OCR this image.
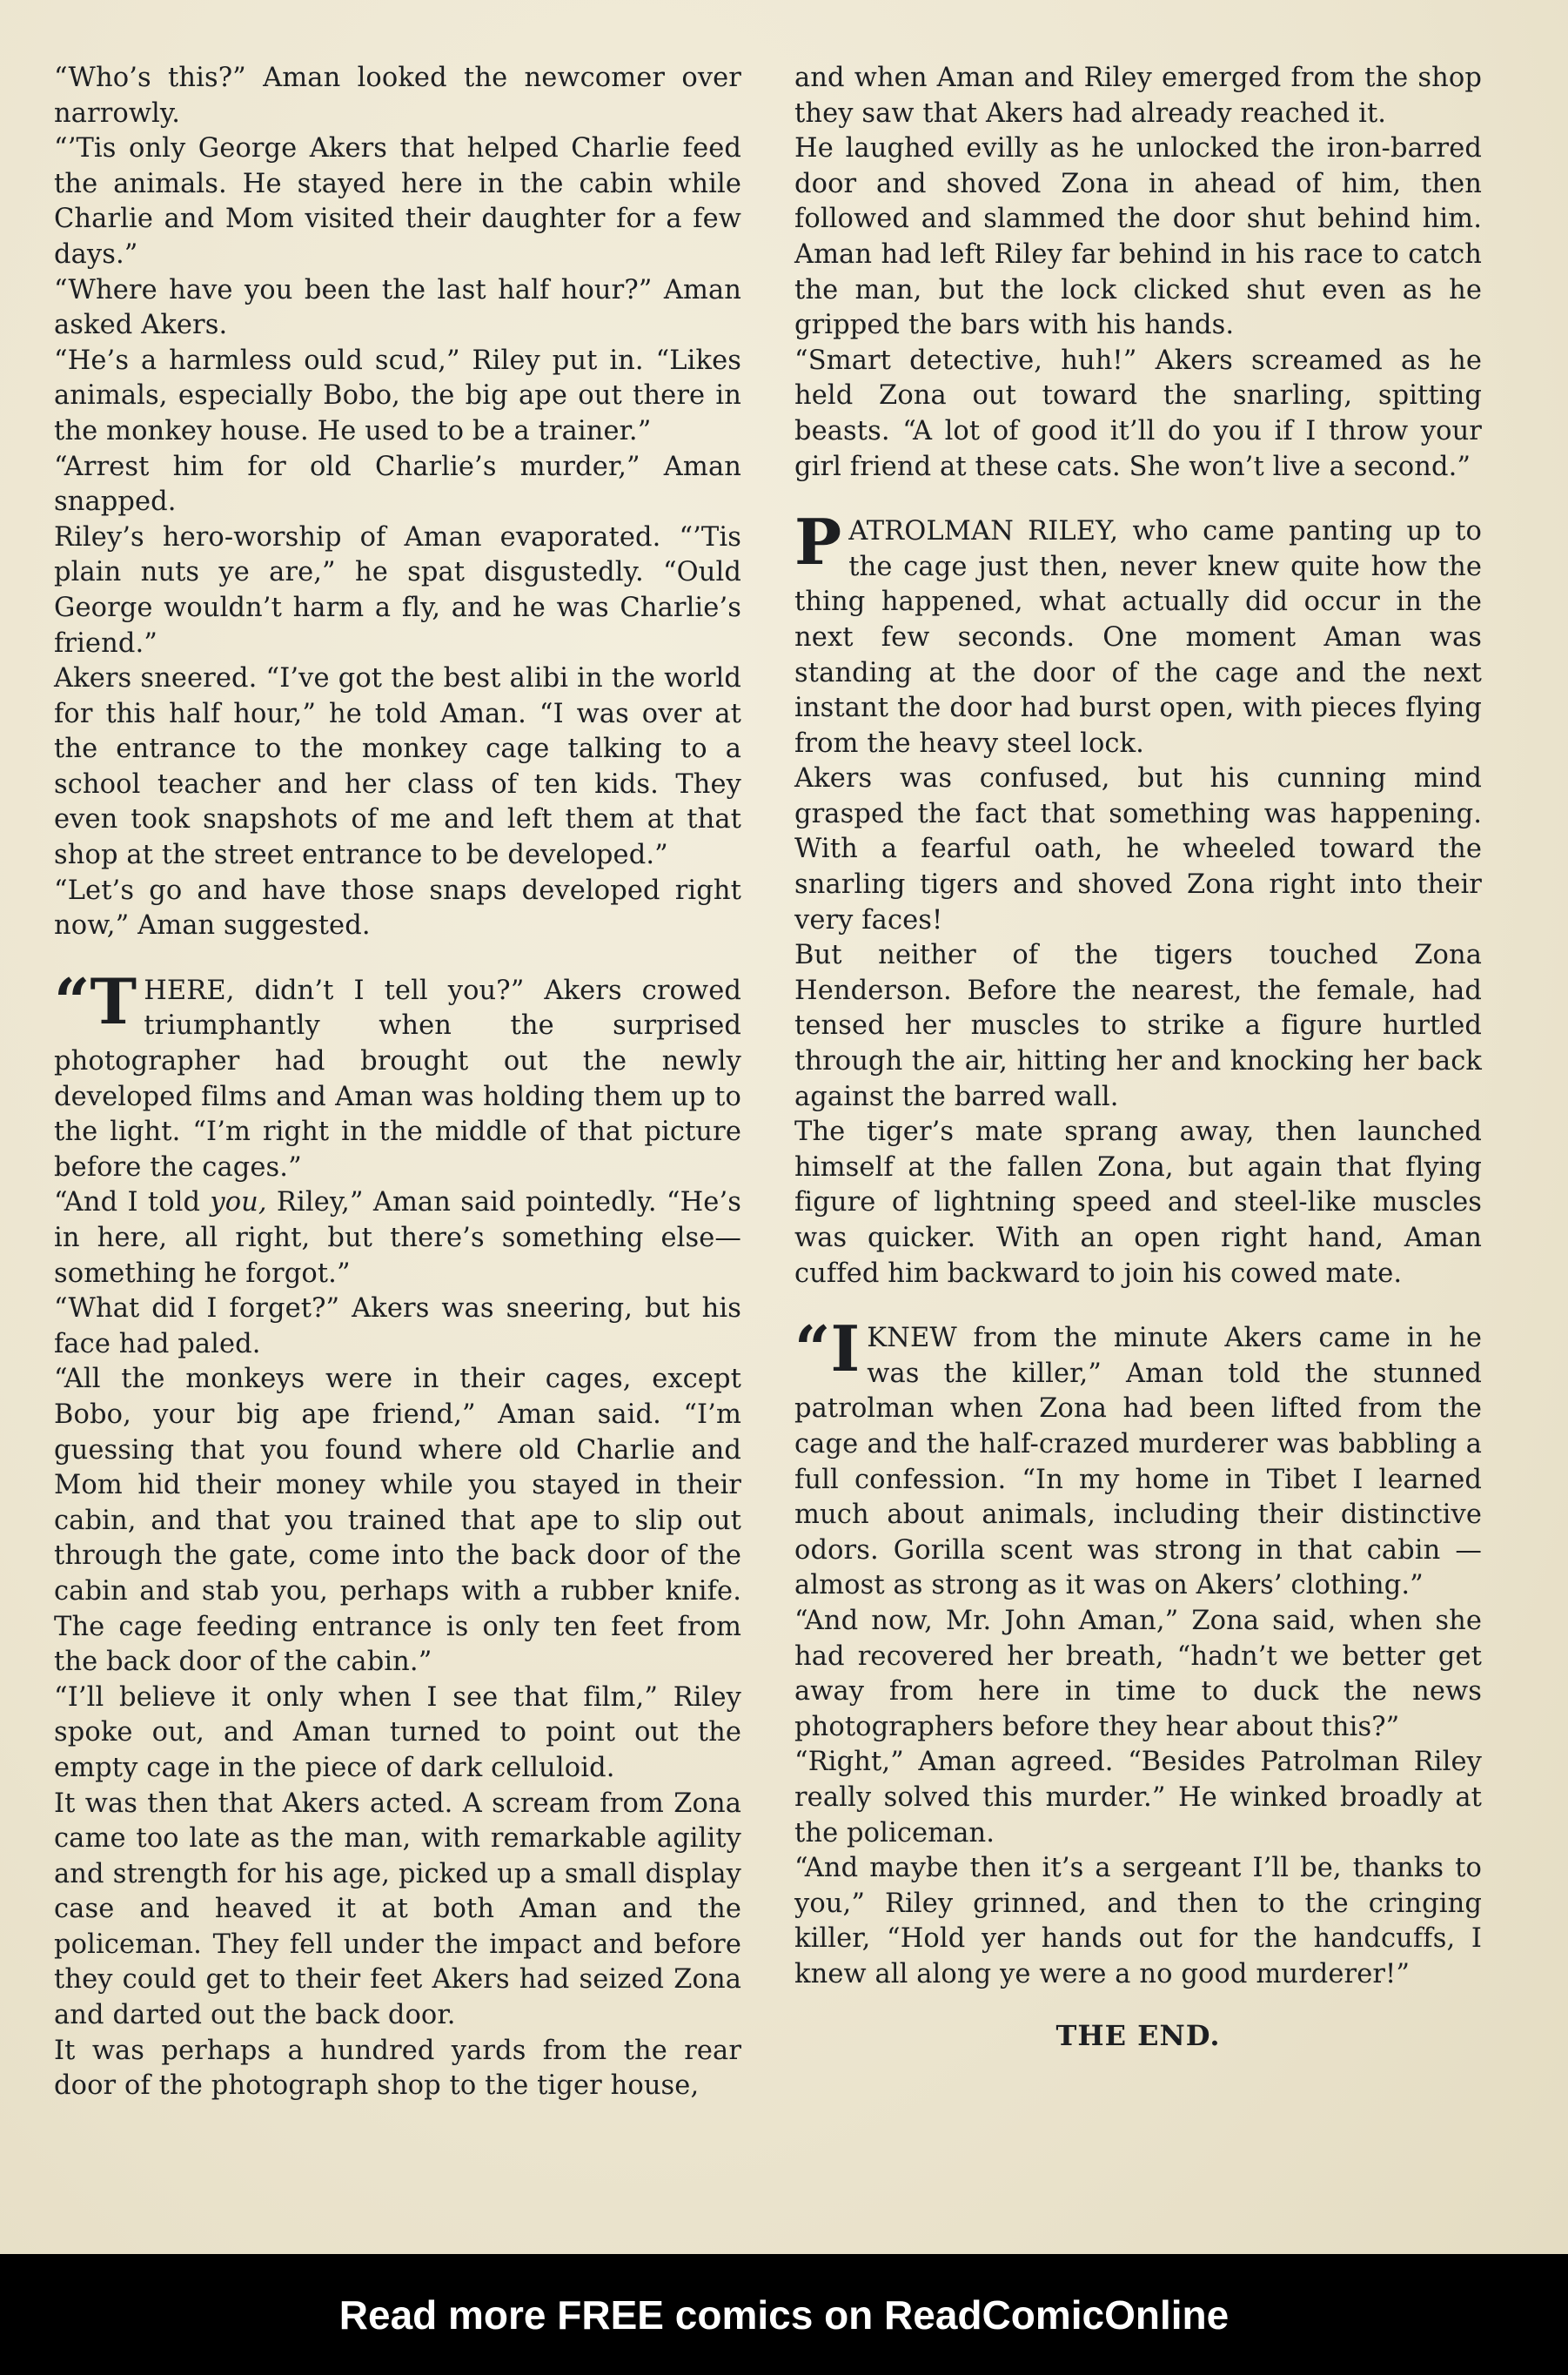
“Who’s this?” Aman looked the newcomer over narrowly.

“’Tis only George Akers that helped Charlie feed the animals. He stayed here in the cabin while Charlie and Mom visited their daughter for a few days.”

“Where have you been the last half hour?” Aman asked Akers.

“He’s a harmless ould scud,” Riley put in. “Likes animals, especially Bobo, the big ape out there in the monkey house. He used to be a trainer.”

“Arrest him for old Charlie’s murder,” Aman snapped.

Riley’s hero-worship of Aman evaporated. “’Tis plain nuts ye are,” he spat disgustedly. “Ould George wouldn’t harm a fly, and he was Charlie’s friend.”

Akers sneered. “I’ve got the best alibi in the world for this half hour,” he told Aman. “I was over at the entrance to the monkey cage talking to a school teacher and her class of ten kids. They even took snapshots of me and left them at that shop at the street entrance to be developed.”

“Let’s go and have those snaps developed right now,” Aman suggested.

“THERE, didn’t I tell you?” Akers crowed triumphantly when the surprised photographer had brought out the newly developed films and Aman was holding them up to the light. “I’m right in the middle of that picture before the cages.”

“And I told you, Riley,” Aman said pointedly. “He’s in here, all right, but there’s something else—something he forgot.”

“What did I forget?” Akers was sneering, but his face had paled.

“All the monkeys were in their cages, except Bobo, your big ape friend,” Aman said. “I’m guessing that you found where old Charlie and Mom hid their money while you stayed in their cabin, and that you trained that ape to slip out through the gate, come into the back door of the cabin and stab you, perhaps with a rubber knife. The cage feeding entrance is only ten feet from the back door of the cabin.”

“I’ll believe it only when I see that film,” Riley spoke out, and Aman turned to point out the empty cage in the piece of dark celluloid.

It was then that Akers acted. A scream from Zona came too late as the man, with remarkable agility and strength for his age, picked up a small display case and heaved it at both Aman and the policeman. They fell under the impact and before they could get to their feet Akers had seized Zona and darted out the back door.

It was perhaps a hundred yards from the rear door of the photograph shop to the tiger house,

and when Aman and Riley emerged from the shop they saw that Akers had already reached it.

He laughed evilly as he unlocked the iron-barred door and shoved Zona in ahead of him, then followed and slammed the door shut behind him. Aman had left Riley far behind in his race to catch the man, but the lock clicked shut even as he gripped the bars with his hands.

“Smart detective, huh!” Akers screamed as he held Zona out toward the snarling, spitting beasts. “A lot of good it’ll do you if I throw your girl friend at these cats. She won’t live a second.”

PATROLMAN RILEY, who came panting up to the cage just then, never knew quite how the thing happened, what actually did occur in the next few seconds. One moment Aman was standing at the door of the cage and the next instant the door had burst open, with pieces flying from the heavy steel lock.

Akers was confused, but his cunning mind grasped the fact that something was happening. With a fearful oath, he wheeled toward the snarling tigers and shoved Zona right into their very faces!

But neither of the tigers touched Zona Henderson. Before the nearest, the female, had tensed her muscles to strike a figure hurtled through the air, hitting her and knocking her back against the barred wall.

The tiger’s mate sprang away, then launched himself at the fallen Zona, but again that flying figure of lightning speed and steel-like muscles was quicker. With an open right hand, Aman cuffed him backward to join his cowed mate.

“I KNEW from the minute Akers came in he was the killer,” Aman told the stunned patrolman when Zona had been lifted from the cage and the half-crazed murderer was babbling a full confession. “In my home in Tibet I learned much about animals, including their distinctive odors. Gorilla scent was strong in that cabin — almost as strong as it was on Akers’ clothing.”

“And now, Mr. John Aman,” Zona said, when she had recovered her breath, “hadn’t we better get away from here in time to duck the news photographers before they hear about this?”

“Right,” Aman agreed. “Besides Patrolman Riley really solved this murder.” He winked broadly at the policeman.

“And maybe then it’s a sergeant I’ll be, thanks to you,” Riley grinned, and then to the cringing killer, “Hold yer hands out for the handcuffs, I knew all along ye were a no good murderer!”

THE END.
Read more FREE comics on ReadComicOnline
